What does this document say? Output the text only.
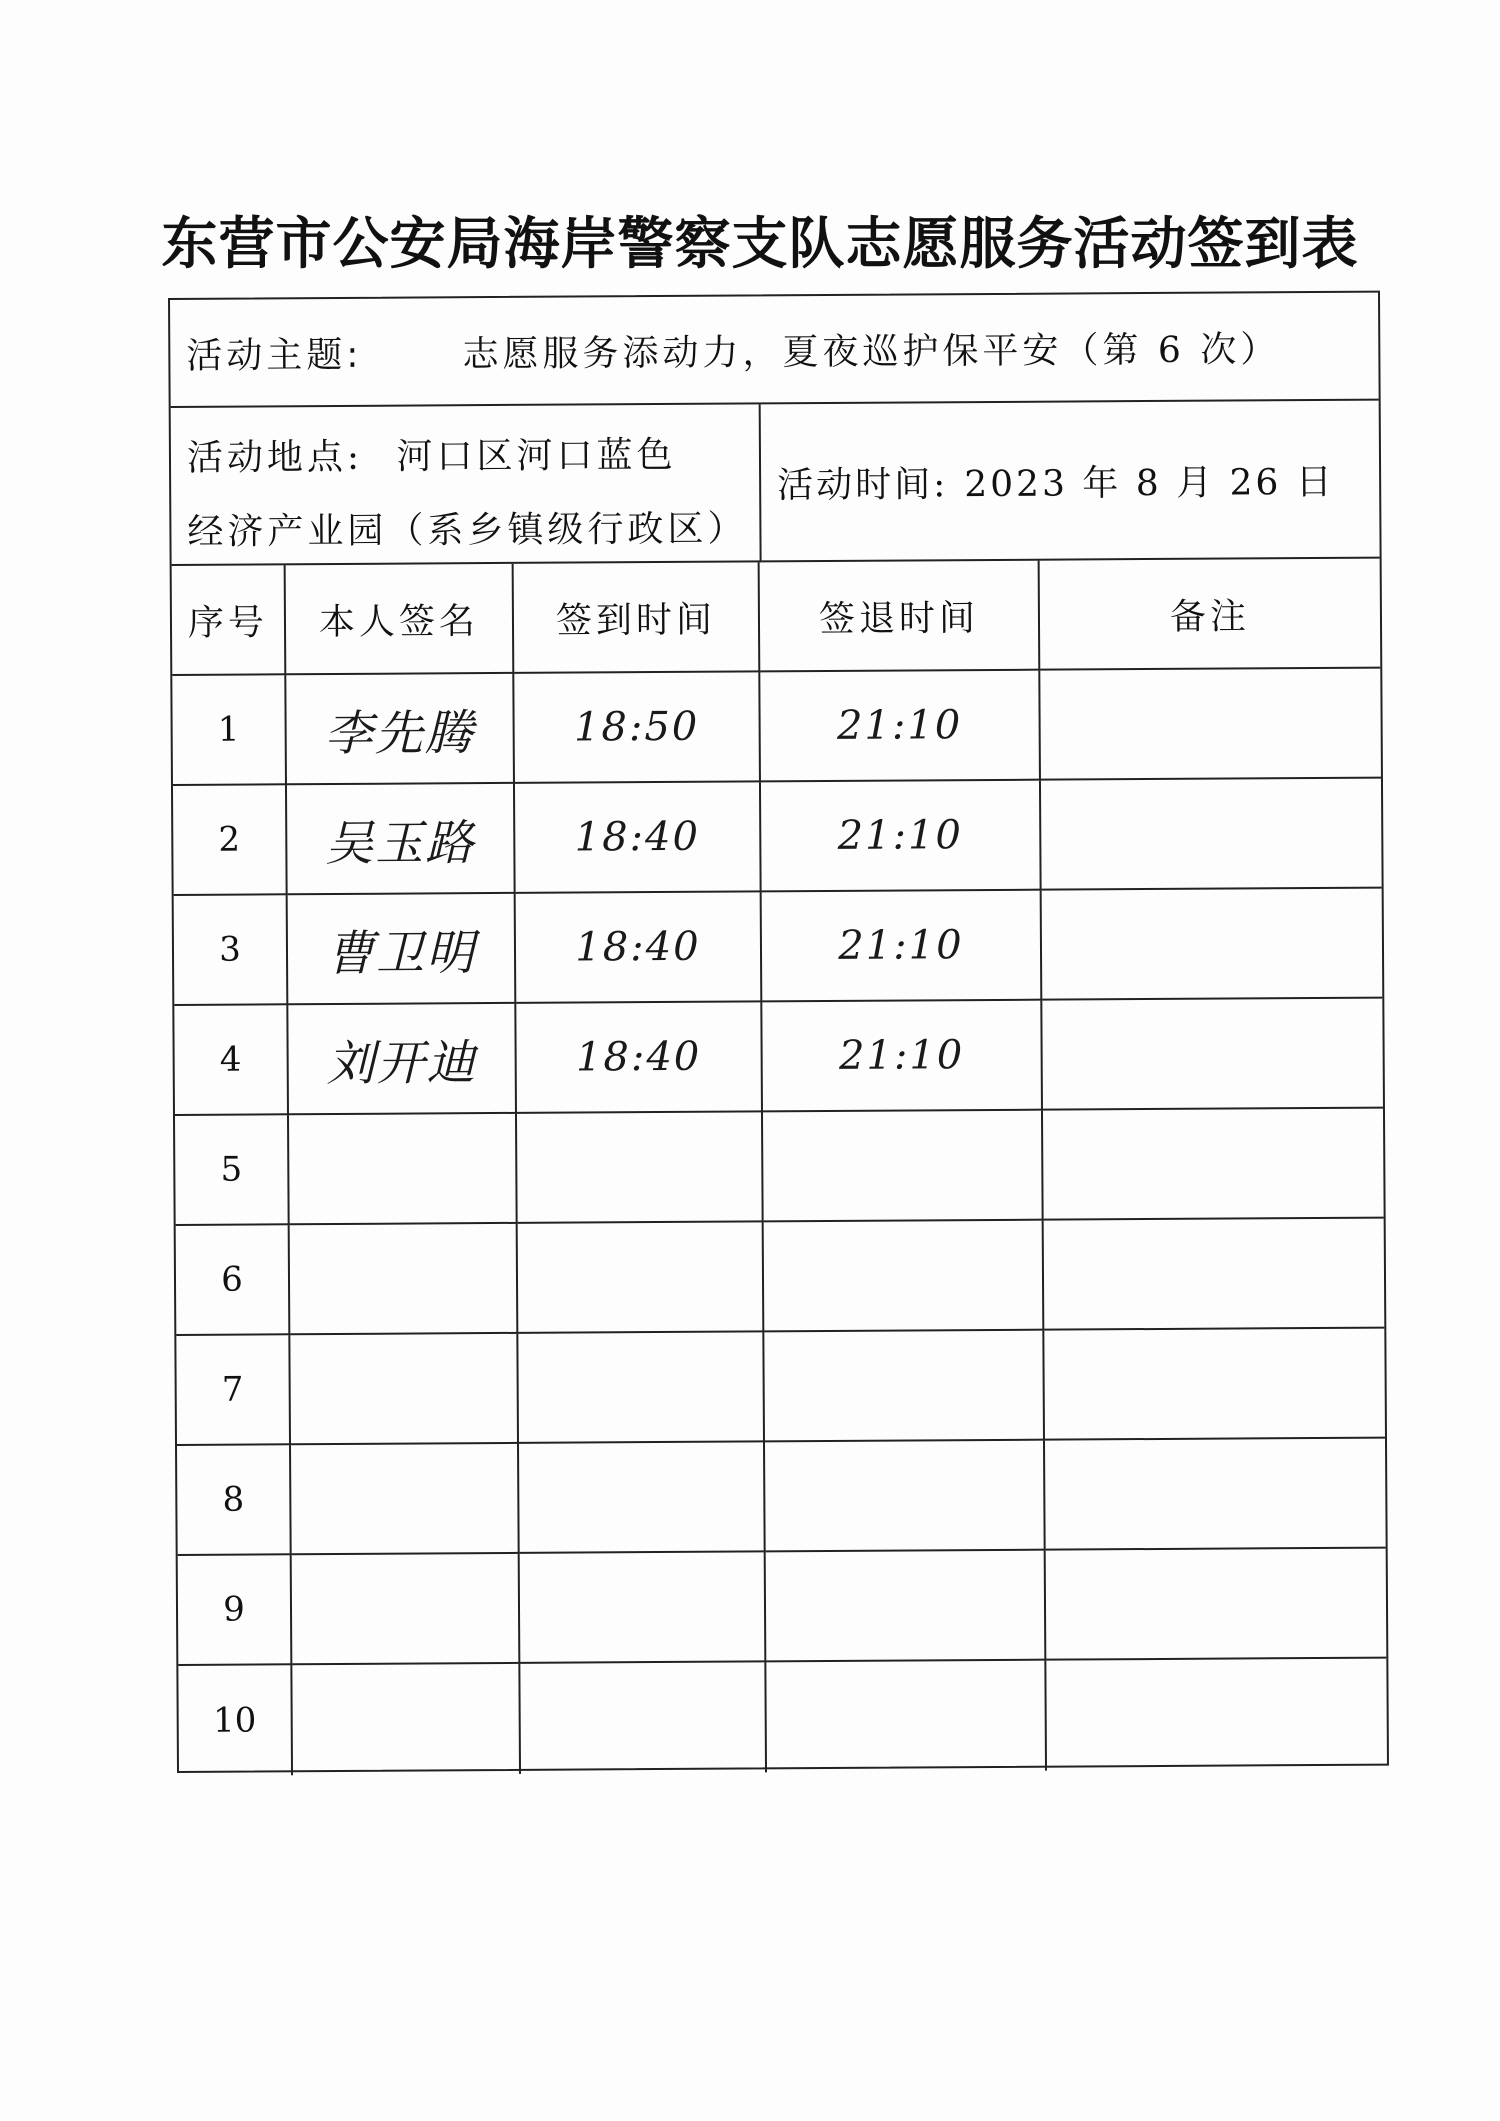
东营市公安局海岸警察支队志愿服务活动签到表
活动主题:	志愿服务添动力，夏夜巡护保平安（第 6 次）
活动地点: 河口区河口蓝色
经济产业园（系乡镇级行政区）
活动时间: 2023 年 8 月 26 日
序号	本人签名	签到时间	签退时间	备注
1 李先腾 18:50	21:10
2 吴玉路 18:40	21:10
3 曹卫明 18:40	21:10
4 刘开迪 18:40	21:10
5
6
7
8
9
10
